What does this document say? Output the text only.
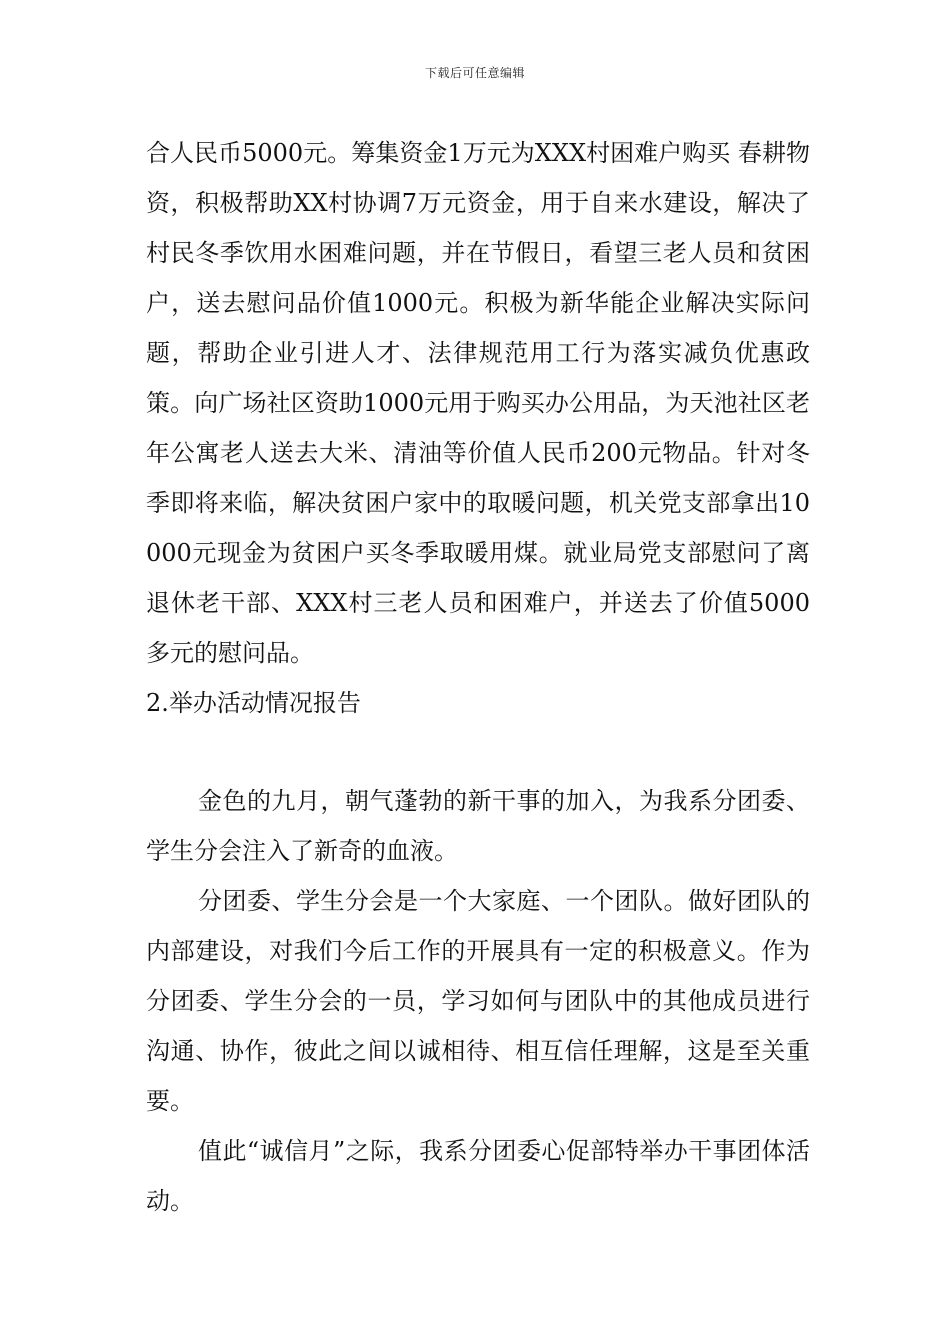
下载后可任意编辑

合人民币5000元。筹集资金1万元为XXX村困难户购买 春耕物资，积极帮助XX村协调7万元资金，用于自来水建设，解决了村民冬季饮用水困难问题，并在节假日，看望三老人员和贫困户，送去慰问品价值1000元。积极为新华能企业解决实际问题，帮助企业引进人才、法律规范用工行为落实减负优惠政策。向广场社区资助1000元用于购买办公用品，为天池社区老年公寓老人送去大米、清油等价值人民币200元物品。针对冬季即将来临，解决贫困户家中的取暖问题，机关党支部拿出10000元现金为贫困户买冬季取暖用煤。就业局党支部慰问了离退休老干部、XXX村三老人员和困难户，并送去了价值5000多元的慰问品。

2.举办活动情况报告

金色的九月，朝气蓬勃的新干事的加入，为我系分团委、学生分会注入了新奇的血液。

分团委、学生分会是一个大家庭、一个团队。做好团队的内部建设，对我们今后工作的开展具有一定的积极意义。作为分团委、学生分会的一员，学习如何与团队中的其他成员进行沟通、协作，彼此之间以诚相待、相互信任理解，这是至关重要。

值此“诚信月”之际，我系分团委心促部特举办干事团体活动。
